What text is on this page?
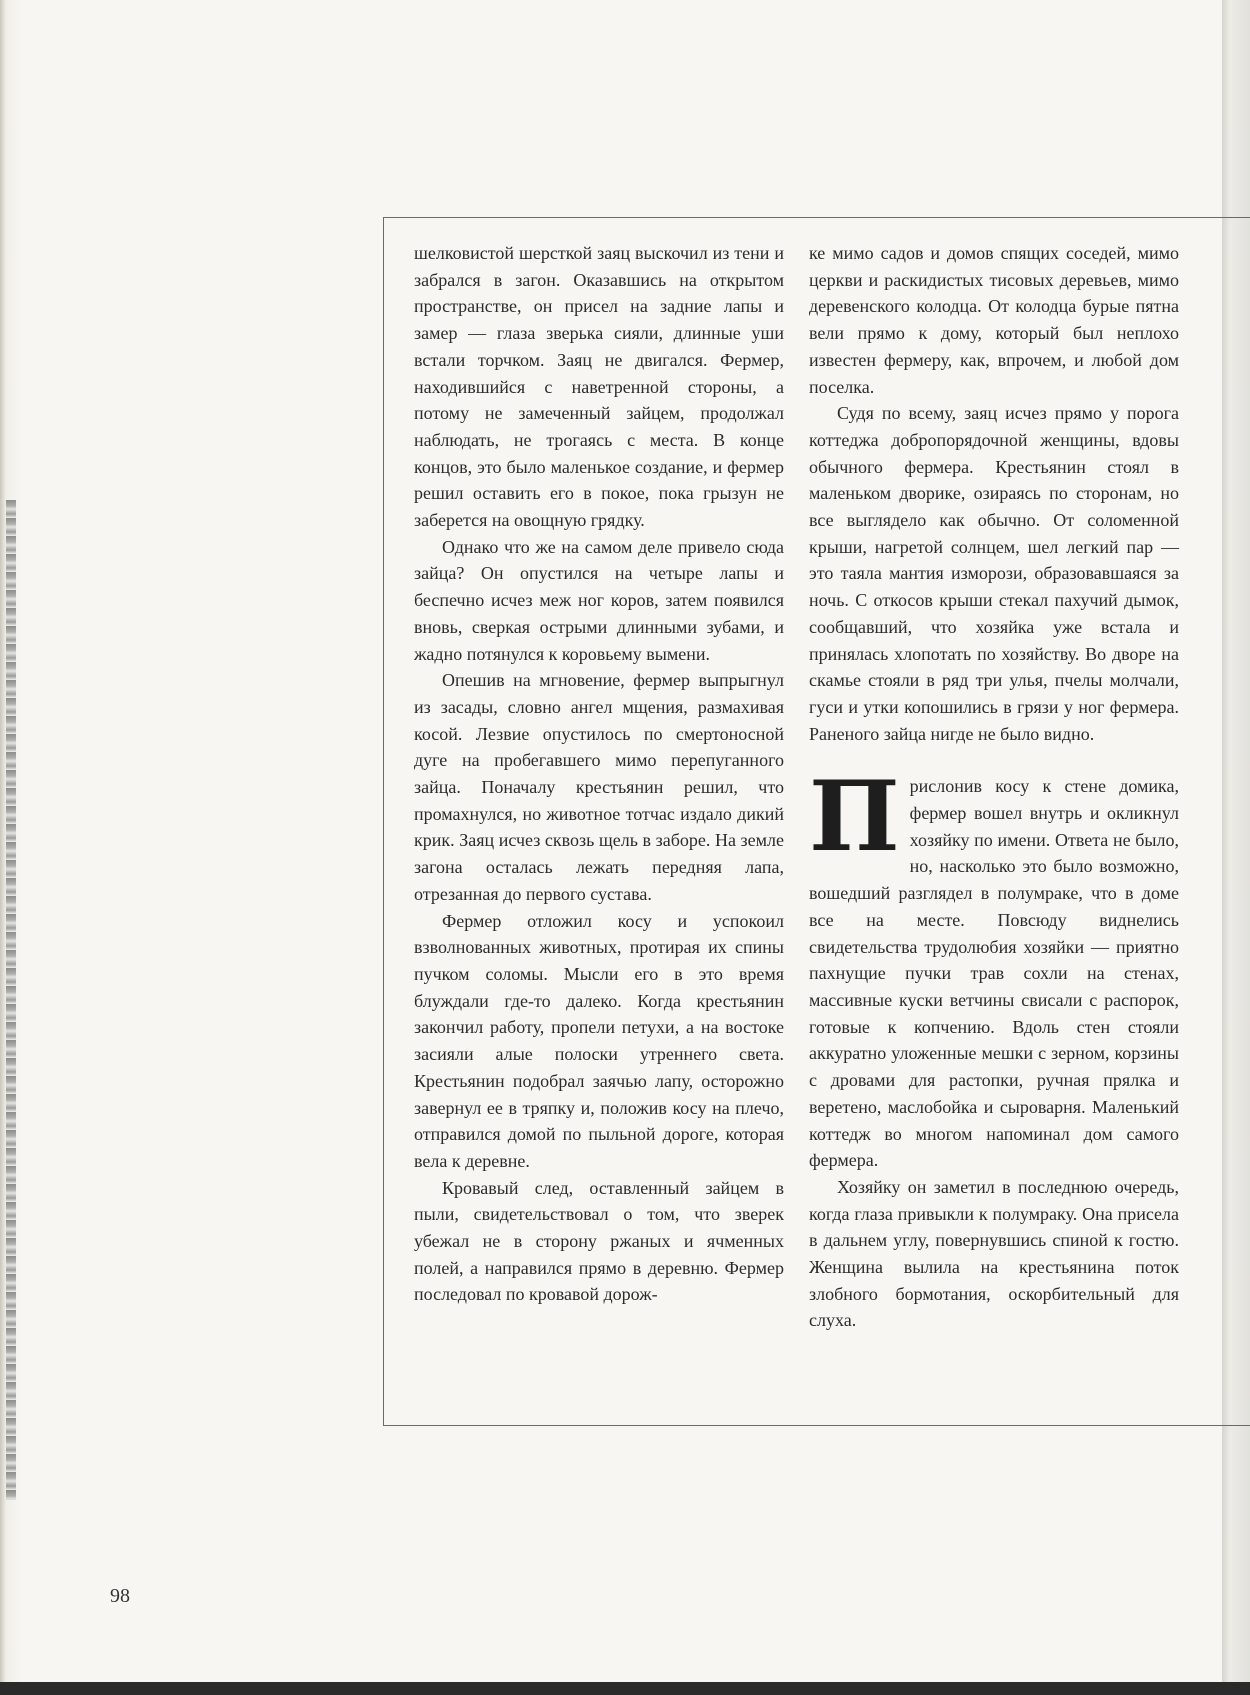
шелковистой шерсткой заяц выскочил из тени и забрался в загон. Оказавшись на открытом пространстве, он присел на задние лапы и замер — глаза зверька сияли, длинные уши встали торчком. Заяц не двигался. Фермер, находившийся с наветренной стороны, а потому не замеченный зайцем, продолжал наблюдать, не трогаясь с места. В конце концов, это было маленькое создание, и фермер решил оставить его в покое, пока грызун не заберется на овощную грядку.

Однако что же на самом деле привело сюда зайца? Он опустился на четыре лапы и беспечно исчез меж ног коров, затем появился вновь, сверкая острыми длинными зубами, и жадно потянулся к коровьему вымени.

Опешив на мгновение, фермер выпрыгнул из засады, словно ангел мщения, размахивая косой. Лезвие опустилось по смертоносной дуге на пробегавшего мимо перепуганного зайца. Поначалу крестьянин решил, что промахнулся, но животное тотчас издало дикий крик. Заяц исчез сквозь щель в заборе. На земле загона осталась лежать передняя лапа, отрезанная до первого сустава.

Фермер отложил косу и успокоил взволнованных животных, протирая их спины пучком соломы. Мысли его в это время блуждали где-то далеко. Когда крестьянин закончил работу, пропели петухи, а на востоке засияли алые полоски утреннего света. Крестьянин подобрал заячью лапу, осторожно завернул ее в тряпку и, положив косу на плечо, отправился домой по пыльной дороге, которая вела к деревне.

Кровавый след, оставленный зайцем в пыли, свидетельствовал о том, что зверек убежал не в сторону ржаных и ячменных полей, а направился прямо в деревню. Фермер последовал по кровавой дорож-

ке мимо садов и домов спящих соседей, мимо церкви и раскидистых тисовых деревьев, мимо деревенского колодца. От колодца бурые пятна вели прямо к дому, который был неплохо известен фермеру, как, впрочем, и любой дом поселка.

Судя по всему, заяц исчез прямо у порога коттеджа добропорядочной женщины, вдовы обычного фермера. Крестьянин стоял в маленьком дворике, озираясь по сторонам, но все выглядело как обычно. От соломенной крыши, нагретой солнцем, шел легкий пар — это таяла мантия изморози, образовавшаяся за ночь. С откосов крыши стекал пахучий дымок, сообщавший, что хозяйка уже встала и принялась хлопотать по хозяйству. Во дворе на скамье стояли в ряд три улья, пчелы молчали, гуси и утки копошились в грязи у ног фермера. Раненого зайца нигде не было видно.

Прислонив косу к стене домика, фермер вошел внутрь и окликнул хозяйку по имени. Ответа не было, но, насколько это было возможно, вошедший разглядел в полумраке, что в доме все на месте. Повсюду виднелись свидетельства трудолюбия хозяйки — приятно пахнущие пучки трав сохли на стенах, массивные куски ветчины свисали с распорок, готовые к копчению. Вдоль стен стояли аккуратно уложенные мешки с зерном, корзины с дровами для растопки, ручная прялка и веретено, маслобойка и сыроварня. Маленький коттедж во многом напоминал дом самого фермера.

Хозяйку он заметил в последнюю очередь, когда глаза привыкли к полумраку. Она присела в дальнем углу, повернувшись спиной к гостю. Женщина вылила на крестьянина поток злобного бормотания, оскорбительный для слуха.

98
